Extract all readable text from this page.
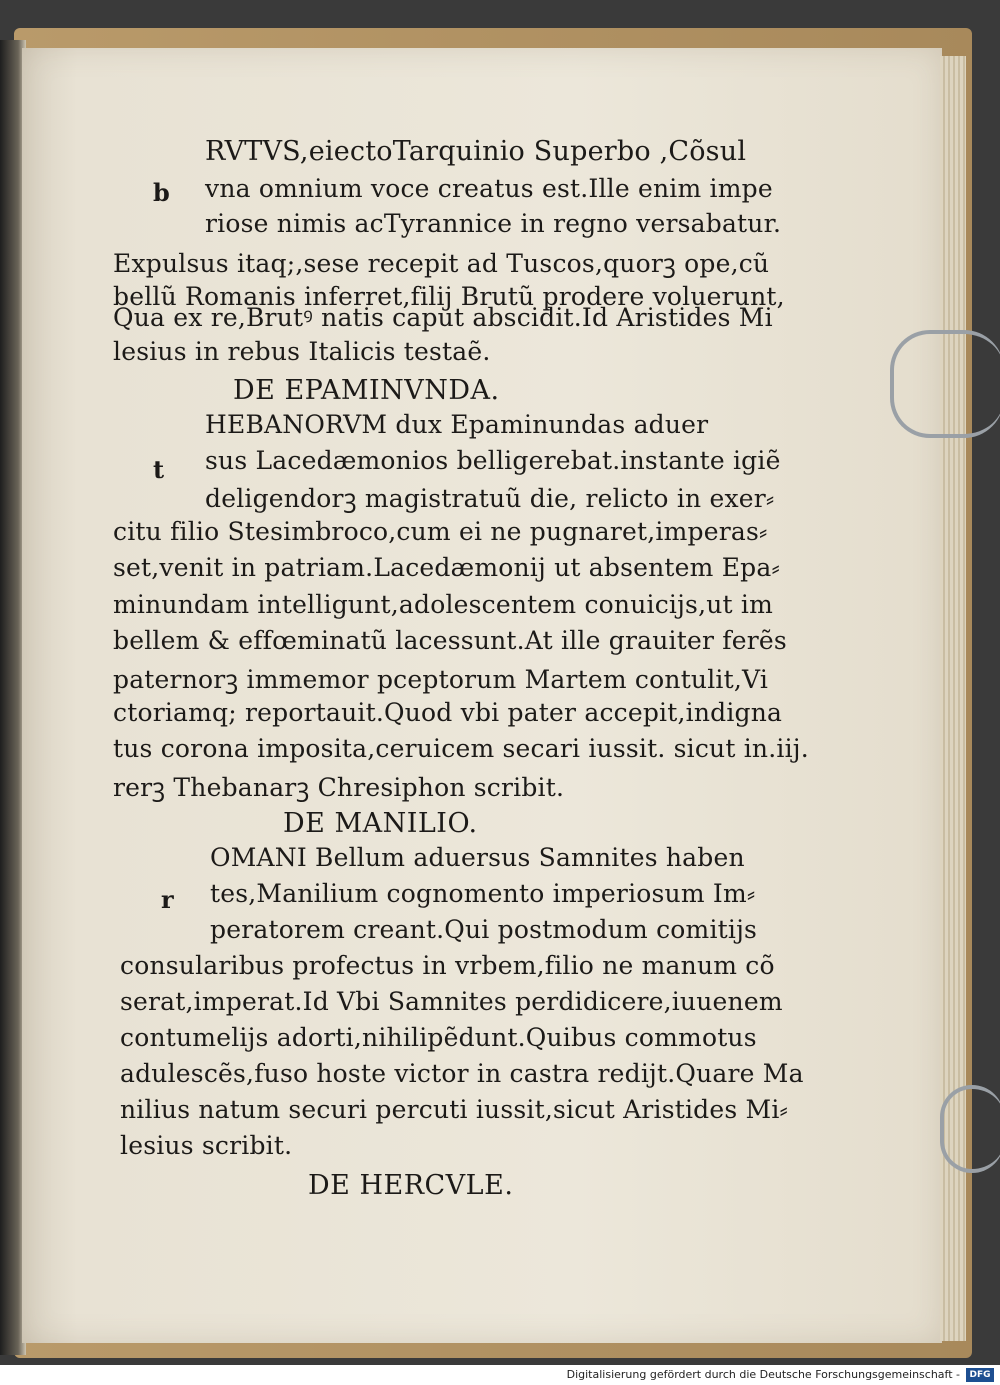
b
RVTVS,eiectoTarquinio Superbo ,Cõsul
vna omnium voce creatus est.Ille enim impe
riose nimis acTyrannice in regno versabatur.
Expulsus itaq;,sese recepit ad Tuscos,quorꝫ ope,cũ
bellũ Romanis inferret,filij Brutũ prodere voluerunt,
Qua ex re,Brutꝰ natis caput abscidit.Id Aristides Mi
lesius in rebus Italicis testaẽ.
DE EPAMINVNDA.
t
HEBANORVM dux Epaminundas aduer
sus Lacedæmonios belligerebat.instante igiẽ
deligendorꝫ magistratuũ die, relicto in exer⸗
citu filio Stesimbroco,cum ei ne pugnaret,imperas⸗
set,venit in patriam.Lacedæmonij ut absentem Epa⸗
minundam intelligunt,adolescentem conuicijs,ut im
bellem & effœminatũ lacessunt.At ille grauiter ferẽs
paternorꝫ immemor pceptorum Martem contulit,Vi
ctoriamq; reportauit.Quod vbi pater accepit,indigna
tus corona imposita,ceruicem secari iussit. sicut in.iij.
rerꝫ Thebanarꝫ Chresiphon scribit.
DE MANILIO.
r
OMANI Bellum aduersus Samnites haben
tes,Manilium cognomento imperiosum Im⸗
peratorem creant.Qui postmodum comitijs
consularibus profectus in vrbem,filio ne manum cõ
serat,imperat.Id Vbi Samnites perdidicere,iuuenem
contumelijs adorti,nihilipẽdunt.Quibus commotus
adulescẽs,fuso hoste victor in castra redijt.Quare Ma
nilius natum securi percuti iussit,sicut Aristides Mi⸗
lesius scribit.
DE HERCVLE.
Digitalisierung gefördert durch die Deutsche Forschungsgemeinschaft -	DFG
